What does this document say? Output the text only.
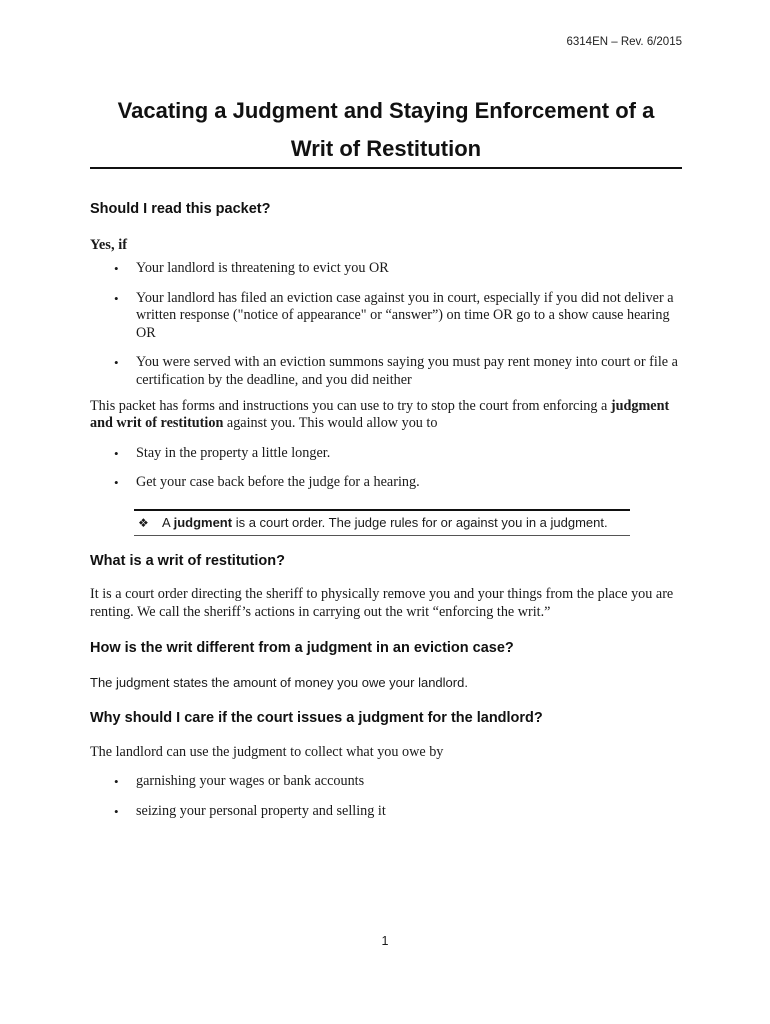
6314EN – Rev. 6/2015
Vacating a Judgment and Staying Enforcement of a
Writ of Restitution
Should I read this packet?
Yes, if
• Your landlord is threatening to evict you OR
• Your landlord has filed an eviction case against you in court, especially if you did not deliver a written response ("notice of appearance" or “answer”) on time OR go to a show cause hearing OR
• You were served with an eviction summons saying you must pay rent money into court or file a certification by the deadline, and you did neither

This packet has forms and instructions you can use to try to stop the court from enforcing a judgment and writ of restitution against you. This would allow you to

• Stay in the property a little longer.
• Get your case back before the judge for a hearing.
❖ A judgment is a court order. The judge rules for or against you in a judgment.
What is a writ of restitution?

It is a court order directing the sheriff to physically remove you and your things from the place you are renting. We call the sheriff’s actions in carrying out the writ “enforcing the writ.”

How is the writ different from a judgment in an eviction case?

The judgment states the amount of money you owe your landlord.

Why should I care if the court issues a judgment for the landlord?

The landlord can use the judgment to collect what you owe by

• garnishing your wages or bank accounts
• seizing your personal property and selling it
1
